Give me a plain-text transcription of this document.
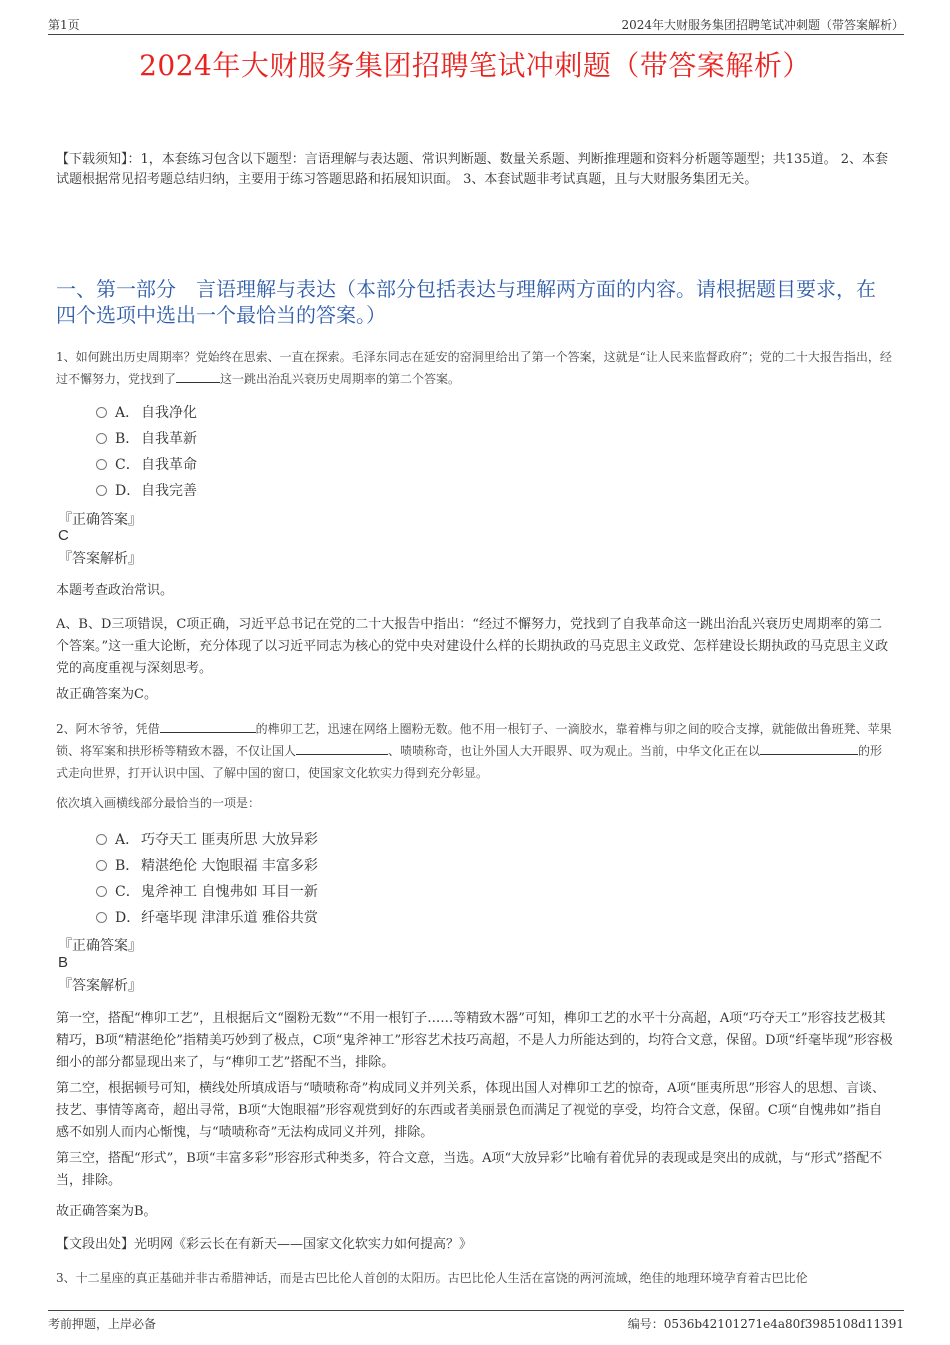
第1页	2024年大财服务集团招聘笔试冲刺题（带答案解析）
2024年大财服务集团招聘笔试冲刺题（带答案解析）
【下载须知】：1，本套练习包含以下题型：言语理解与表达题、常识判断题、数量关系题、判断推理题和资料分析题等题型；共135道。 2、本套试题根据常见招考题总结归纳，主要用于练习答题思路和拓展知识面。 3、本套试题非考试真题，且与大财服务集团无关。
一、第一部分　言语理解与表达（本部分包括表达与理解两方面的内容。请根据题目要求，在四个选项中选出一个最恰当的答案。）
1、如何跳出历史周期率？党始终在思索、一直在探索。毛泽东同志在延安的窑洞里给出了第一个答案，这就是“让人民来监督政府”；党的二十大报告指出，经过不懈努力，党找到了	这一跳出治乱兴衰历史周期率的第二个答案。
A． 自我净化
B． 自我革新
C．自我革命
D．自我完善
『正确答案』
C
『答案解析』
本题考查政治常识。
A、B、D三项错误，C项正确，习近平总书记在党的二十大报告中指出：“经过不懈努力，党找到了自我革命这一跳出治乱兴衰历史周期率的第二个答案。”这一重大论断，充分体现了以习近平同志为核心的党中央对建设什么样的长期执政的马克思主义政党、怎样建设长期执政的马克思主义政党的高度重视与深刻思考。
故正确答案为C。
2、阿木爷爷，凭借	的榫卯工艺，迅速在网络上圈粉无数。他不用一根钉子、一滴胶水，靠着榫与卯之间的咬合支撑，就能做出鲁班凳、苹果锁、将军案和拱形桥等精致木器，不仅让国人	、啧啧称奇，也让外国人大开眼界、叹为观止。当前，中华文化正在以	的形式走向世界，打开认识中国、了解中国的窗口，使国家文化软实力得到充分彰显。
依次填入画横线部分最恰当的一项是：
A． 巧夺天工 匪夷所思 大放异彩
B． 精湛绝伦 大饱眼福 丰富多彩
C．鬼斧神工 自愧弗如 耳目一新
D．纤毫毕现 津津乐道 雅俗共赏
『正确答案』
B
『答案解析』
第一空，搭配“榫卯工艺”，且根据后文“圈粉无数”“不用一根钉子……等精致木器”可知，榫卯工艺的水平十分高超，A项“巧夺天工”形容技艺极其精巧，B项“精湛绝伦”指精美巧妙到了极点，C项“鬼斧神工”形容艺术技巧高超，不是人力所能达到的，均符合文意，保留。D项“纤毫毕现”形容极细小的部分都显现出来了，与“榫卯工艺”搭配不当，排除。
第二空，根据顿号可知，横线处所填成语与“啧啧称奇”构成同义并列关系，体现出国人对榫卯工艺的惊奇，A项“匪夷所思”形容人的思想、言谈、技艺、事情等离奇，超出寻常，B项“大饱眼福”形容观赏到好的东西或者美丽景色而满足了视觉的享受，均符合文意，保留。C项“自愧弗如”指自感不如别人而内心惭愧，与“啧啧称奇”无法构成同义并列，排除。
第三空，搭配“形式”，B项“丰富多彩”形容形式种类多，符合文意，当选。A项“大放异彩”比喻有着优异的表现或是突出的成就，与“形式”搭配不当，排除。
故正确答案为B。
【文段出处】光明网《彩云长在有新天——国家文化软实力如何提高？》
3、十二星座的真正基础并非古希腊神话，而是古巴比伦人首创的太阳历。古巴比伦人生活在富饶的两河流域，绝佳的地理环境孕育着古巴比伦
考前押题，上岸必备	编号：0536b42101271e4a80f3985108d11391
